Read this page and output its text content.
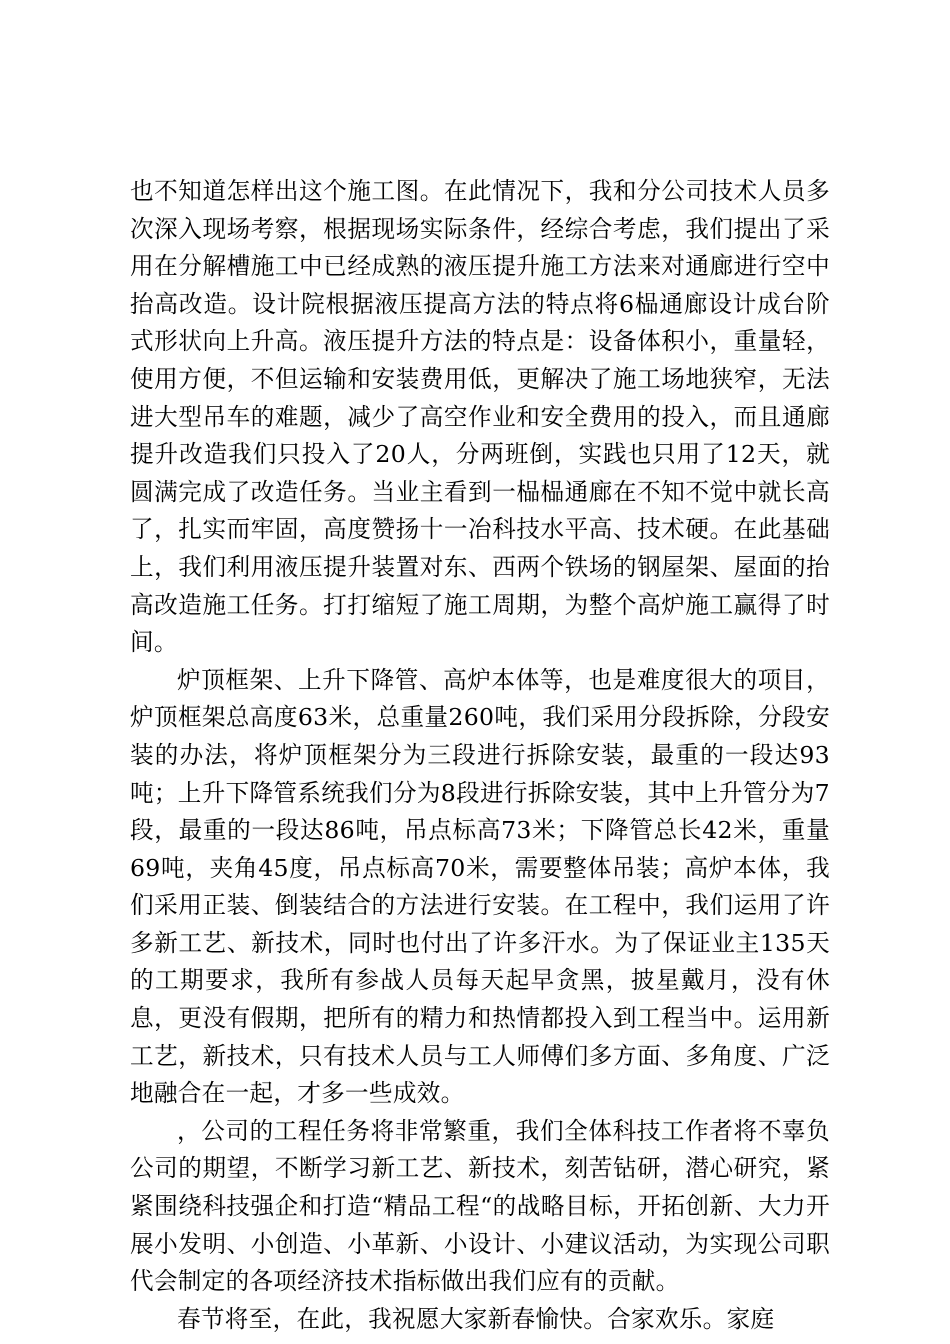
也不知道怎样出这个施工图。在此情况下，我和分公司技术人员多次深入现场考察，根据现场实际条件，经综合考虑，我们提出了采用在分解槽施工中已经成熟的液压提升施工方法来对通廊进行空中抬高改造。设计院根据液压提高方法的特点将6榀通廊设计成台阶式形状向上升高。液压提升方法的特点是：设备体积小，重量轻，使用方便，不但运输和安装费用低，更解决了施工场地狭窄，无法进大型吊车的难题，减少了高空作业和安全费用的投入，而且通廊提升改造我们只投入了20人，分两班倒，实践也只用了12天，就圆满完成了改造任务。当业主看到一榀榀通廊在不知不觉中就长高了，扎实而牢固，高度赞扬十一冶科技水平高、技术硬。在此基础上，我们利用液压提升装置对东、西两个铁场的钢屋架、屋面的抬高改造施工任务。打打缩短了施工周期，为整个高炉施工赢得了时间。

炉顶框架、上升下降管、高炉本体等，也是难度很大的项目，炉顶框架总高度63米，总重量260吨，我们采用分段拆除，分段安装的办法，将炉顶框架分为三段进行拆除安装，最重的一段达93吨；上升下降管系统我们分为8段进行拆除安装，其中上升管分为7段，最重的一段达86吨，吊点标高73米；下降管总长42米，重量69吨，夹角45度，吊点标高70米，需要整体吊装；高炉本体，我们采用正装、倒装结合的方法进行安装。在工程中，我们运用了许多新工艺、新技术，同时也付出了许多汗水。为了保证业主135天的工期要求，我所有参战人员每天起早贪黑，披星戴月，没有休息，更没有假期，把所有的精力和热情都投入到工程当中。运用新工艺，新技术，只有技术人员与工人师傅们多方面、多角度、广泛地融合在一起，才多一些成效。

，公司的工程任务将非常繁重，我们全体科技工作者将不辜负公司的期望，不断学习新工艺、新技术，刻苦钻研，潜心研究，紧紧围绕科技强企和打造“精品工程“的战略目标，开拓创新、大力开展小发明、小创造、小革新、小设计、小建议活动，为实现公司职代会制定的各项经济技术指标做出我们应有的贡献。

春节将至，在此，我祝愿大家新春愉快。合家欢乐。家庭
